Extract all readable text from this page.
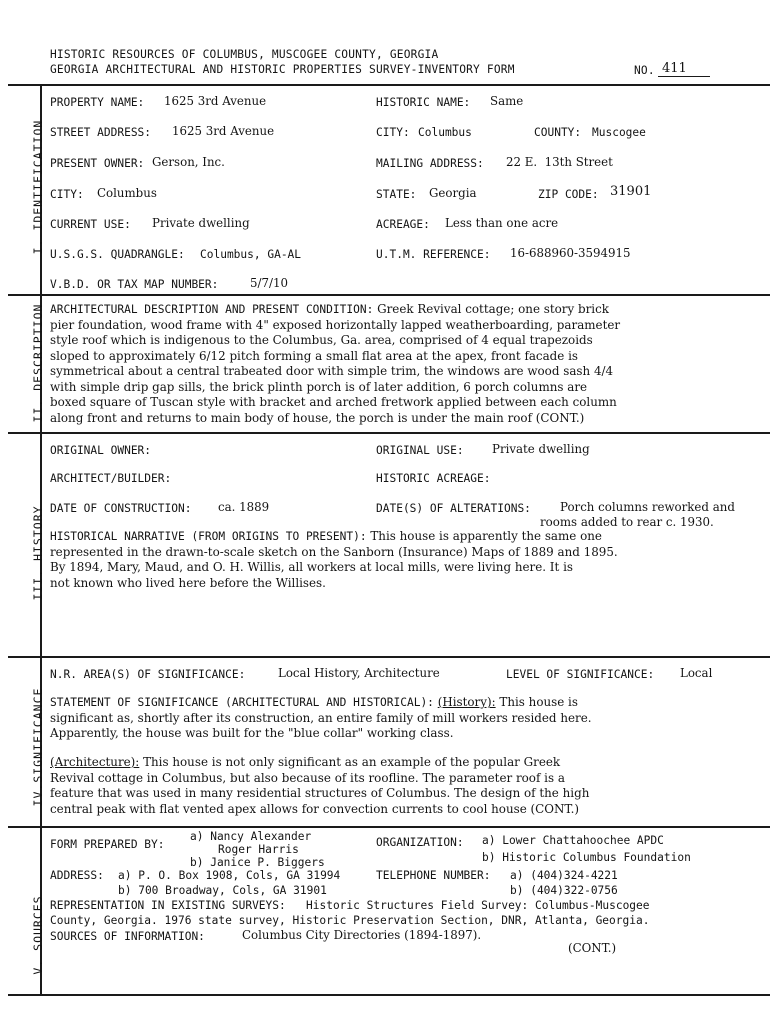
HISTORIC RESOURCES OF COLUMBUS, MUSCOGEE COUNTY, GEORGIA
GEORGIA ARCHITECTURAL AND HISTORIC PROPERTIES SURVEY-INVENTORY FORM	NO. 411
I. IDENTIFICATION
II. DESCRIPTION
III. HISTORY
IV.SIGNIFICANCE
V. SOURCES
PROPERTY NAME: 1625 3rd Avenue	HISTORIC NAME: Same
STREET ADDRESS: 1625 3rd Avenue	CITY: Columbus	COUNTY: Muscogee
PRESENT OWNER: Gerson, Inc.	MAILING ADDRESS: 22 E.  13th Street
CITY: Columbus	STATE: Georgia	ZIP CODE: 31901
CURRENT USE: Private dwelling	ACREAGE: Less than one acre
U.S.G.S. QUADRANGLE: Columbus, GA-AL	U.T.M. REFERENCE: 16-688960-3594915
V.B.D. OR TAX MAP NUMBER:	5/7/10
ARCHITECTURAL DESCRIPTION AND PRESENT CONDITION: Greek Revival cottage; one story brick
pier foundation, wood frame with 4" exposed horizontally lapped weatherboarding, parameter
style roof which is indigenous to the Columbus, Ga. area, comprised of 4 equal trapezoids
sloped to approximately 6/12 pitch forming a small flat area at the apex, front facade is
symmetrical about a central trabeated door with simple trim, the windows are wood sash 4/4
with simple drip gap sills, the brick plinth porch is of later addition, 6 porch columns are
boxed square of Tuscan style with bracket and arched fretwork applied between each column
along front and returns to main body of house, the porch is under the main roof (CONT.)
ORIGINAL OWNER:	ORIGINAL USE: Private dwelling
ARCHITECT/BUILDER:	HISTORIC ACREAGE:
DATE OF CONSTRUCTION: ca. 1889	DATE(S) OF ALTERATIONS: Porch columns reworked and
rooms added to rear c. 1930.
HISTORICAL NARRATIVE (FROM ORIGINS TO PRESENT): This house is apparently the same one
represented in the drawn-to-scale sketch on the Sanborn (Insurance) Maps of 1889 and 1895.
By 1894, Mary, Maud, and O. H. Willis, all workers at local mills, were living here. It is
not known who lived here before the Willises.
N.R. AREA(S) OF SIGNIFICANCE:	Local History, Architecture	LEVEL OF SIGNIFICANCE: Local
STATEMENT OF SIGNIFICANCE (ARCHITECTURAL AND HISTORICAL): (History): This house is
significant as, shortly after its construction, an entire family of mill workers resided here.
Apparently, the house was built for the "blue collar" working class.
(Architecture): This house is not only significant as an example of the popular Greek
Revival cottage in Columbus, but also because of its roofline. The parameter roof is a
feature that was used in many residential structures of Columbus. The design of the high
central peak with flat vented apex allows for convection currents to cool house (CONT.)
FORM PREPARED BY:
a) Nancy Alexander
Roger Harris
b) Janice P. Biggers
ORGANIZATION: a) Lower Chattahoochee APDC
b) Historic Columbus Foundation
ADDRESS: a) P. O. Box 1908, Cols, GA 31994
b) 700 Broadway, Cols, GA 31901
TELEPHONE NUMBER: a) (404)324-4221
b) (404)322-0756
REPRESENTATION IN EXISTING SURVEYS: Historic Structures Field Survey: Columbus-Muscogee
County, Georgia. 1976 state survey, Historic Preservation Section, DNR, Atlanta, Georgia.
SOURCES OF INFORMATION:	Columbus City Directories (1894-1897).
(CONT.)
